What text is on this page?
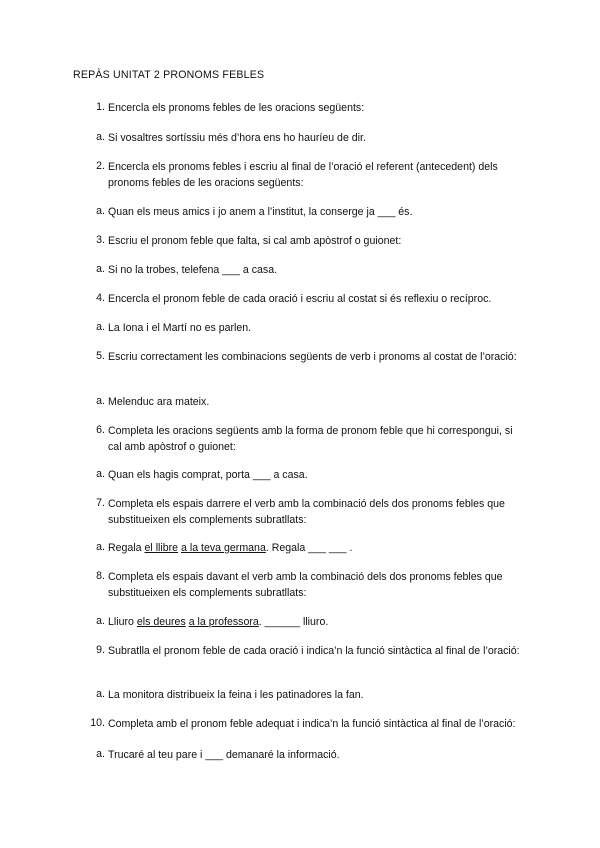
REPÀS UNITAT 2 PRONOMS FEBLES
1. Encercla els pronoms febles de les oracions següents:
a. Si vosaltres sortíssiu més d’hora ens ho hauríeu de dir.
2. Encercla els pronoms febles i escriu al final de l’oració el referent (antecedent) dels pronoms febles de les oracions següents:
a. Quan els meus amics i jo anem a l’institut, la conserge ja ___ és.
3. Escriu el pronom feble que falta, si cal amb apòstrof o guionet:
a. Si no la trobes, telefena ___ a casa.
4. Encercla el pronom feble de cada oració i escriu al costat si és reflexiu o recíproc.
a. La Iona i el Martí no es parlen.
5. Escriu correctament les combinacions següents de verb i pronoms al costat de l’oració:
a. Melenduc ara mateix.
6. Completa les oracions següents amb la forma de pronom feble que hi correspongui, si cal amb apòstrof o guionet:
a. Quan els hagis comprat, porta ___ a casa.
7. Completa els espais darrere el verb amb la combinació dels dos pronoms febles que substitueixen els complements subratllats:
a. Regala el llibre a la teva germana. Regala ___ ___ .
8. Completa els espais davant el verb amb la combinació dels dos pronoms febles que substitueixen els complements subratllats:
a. Lliuro els deures a la professora. ______ lliuro.
9. Subratlla el pronom feble de cada oració i indica’n la funció sintàctica al final de l’oració:
a. La monitora distribueix la feina i les patinadores la fan.
10. Completa amb el pronom feble adequat i indica’n la funció sintàctica al final de l’oració:
a. Trucaré al teu pare i ___ demanaré la informació.
